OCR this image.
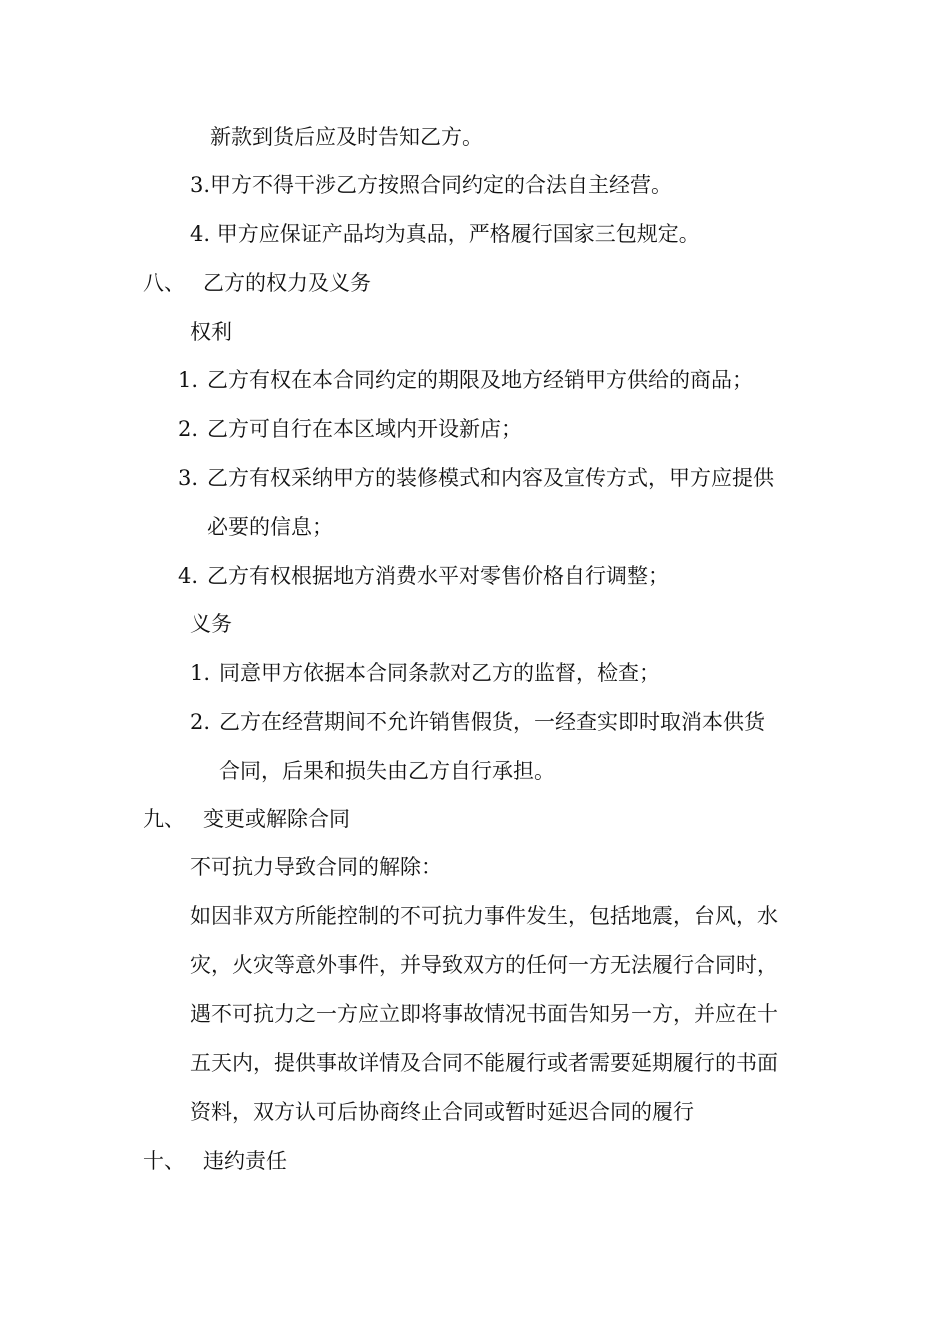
新款到货后应及时告知乙方。
3.甲方不得干涉乙方按照合同约定的合法自主经营。
4. 甲方应保证产品均为真品，严格履行国家三包规定。
八、 乙方的权力及义务
权利
1. 乙方有权在本合同约定的期限及地方经销甲方供给的商品；
2. 乙方可自行在本区域内开设新店；
3. 乙方有权采纳甲方的装修模式和内容及宣传方式，甲方应提供
必要的信息；
4. 乙方有权根据地方消费水平对零售价格自行调整；
义务
1. 同意甲方依据本合同条款对乙方的监督，检查；
2. 乙方在经营期间不允许销售假货，一经查实即时取消本供货
合同，后果和损失由乙方自行承担。
九、 变更或解除合同
不可抗力导致合同的解除：
如因非双方所能控制的不可抗力事件发生，包括地震，台风，水
灾，火灾等意外事件，并导致双方的任何一方无法履行合同时，
遇不可抗力之一方应立即将事故情况书面告知另一方，并应在十
五天内，提供事故详情及合同不能履行或者需要延期履行的书面
资料，双方认可后协商终止合同或暂时延迟合同的履行
十、 违约责任
